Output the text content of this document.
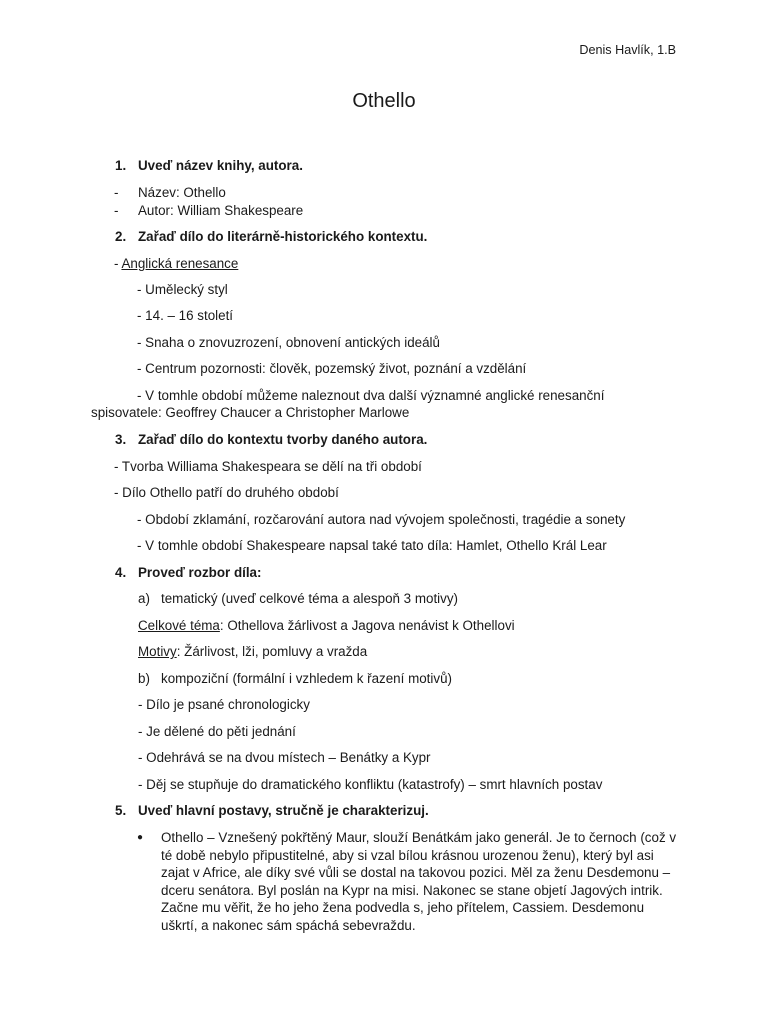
Denis Havlík, 1.B
Othello
1. Uveď název knihy, autora.
- Název: Othello
- Autor: William Shakespeare
2. Zařaď dílo do literárně-historického kontextu.
- Anglická renesance
- Umělecký styl
- 14. – 16 století
- Snaha o znovuzrození, obnovení antických ideálů
- Centrum pozornosti: člověk, pozemský život, poznání a vzdělání
- V tomhle období můžeme naleznout dva další významné anglické renesanční
spisovatele: Geoffrey Chaucer a Christopher Marlowe
3. Zařaď dílo do kontextu tvorby daného autora.
- Tvorba Williama Shakespeara se dělí na tři období
- Dílo Othello patří do druhého období
- Období zklamání, rozčarování autora nad vývojem společnosti, tragédie a sonety
- V tomhle období Shakespeare napsal také tato díla: Hamlet, Othello Král Lear
4. Proveď rozbor díla:
a) tematický (uveď celkové téma a alespoň 3 motivy)
Celkové téma: Othellova žárlivost a Jagova nenávist k Othellovi
Motivy: Žárlivost, lži, pomluvy a vražda
b) kompoziční (formální i vzhledem k řazení motivů)
- Dílo je psané chronologicky
- Je dělené do pěti jednání
- Odehrává se na dvou místech – Benátky a Kypr
- Děj se stupňuje do dramatického konfliktu (katastrofy) – smrt hlavních postav
5. Uveď hlavní postavy, stručně je charakterizuj.
● Othello – Vznešený pokřtěný Maur, slouží Benátkám jako generál. Je to černoch (což v té době nebylo připustitelné, aby si vzal bílou krásnou urozenou ženu), který byl asi zajat v Africe, ale díky své vůli se dostal na takovou pozici. Měl za ženu Desdemonu – dceru senátora. Byl poslán na Kypr na misi. Nakonec se stane objetí Jagových intrik. Začne mu věřit, že ho jeho žena podvedla s, jeho přítelem, Cassiem. Desdemonu uškrtí, a nakonec sám spáchá sebevraždu.
